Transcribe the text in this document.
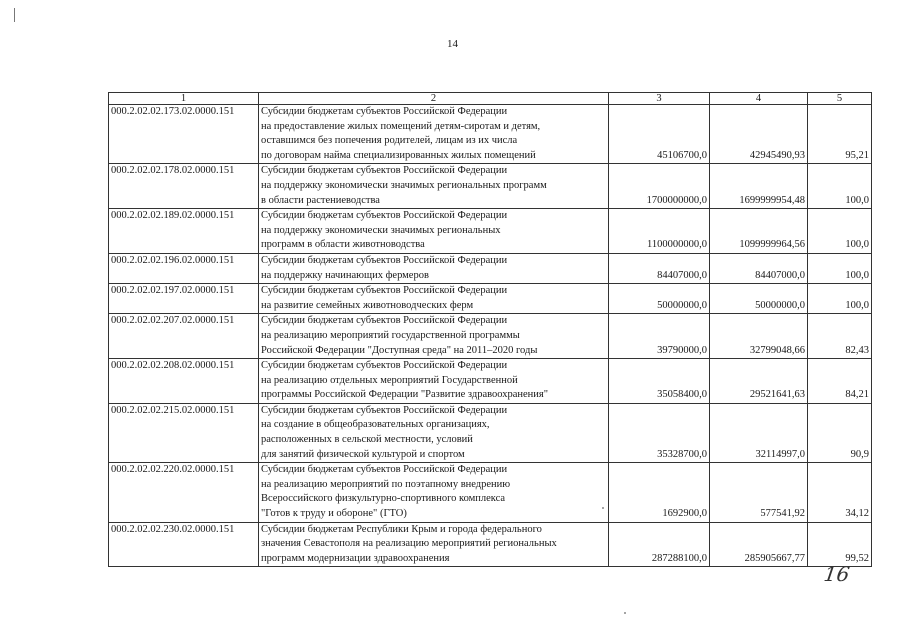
14
1	2	3	4	5
000.2.02.02.173.02.0000.151	Субсидии бюджетам субъектов Российской Федерации
на предоставление жилых помещений детям-сиротам и детям,
оставшимся без попечения родителей, лицам из их числа
по договорам найма специализированных жилых помещений	45106700,0	42945490,93	95,21
000.2.02.02.178.02.0000.151	Субсидии бюджетам субъектов Российской Федерации
на поддержку экономически значимых региональных программ
в области растениеводства	1700000000,0	1699999954,48	100,0
000.2.02.02.189.02.0000.151	Субсидии бюджетам субъектов Российской Федерации
на поддержку экономически значимых региональных
программ в области животноводства	1100000000,0	1099999964,56	100,0
000.2.02.02.196.02.0000.151	Субсидии бюджетам субъектов Российской Федерации
на поддержку начинающих фермеров	84407000,0	84407000,0	100,0
000.2.02.02.197.02.0000.151	Субсидии бюджетам субъектов Российской Федерации
на развитие семейных животноводческих ферм	50000000,0	50000000,0	100,0
000.2.02.02.207.02.0000.151	Субсидии бюджетам субъектов Российской Федерации
на реализацию мероприятий государственной программы
Российской Федерации "Доступная среда" на 2011–2020 годы	39790000,0	32799048,66	82,43
000.2.02.02.208.02.0000.151	Субсидии бюджетам субъектов Российской Федерации
на реализацию отдельных мероприятий Государственной
программы Российской Федерации "Развитие здравоохранения"	35058400,0	29521641,63	84,21
000.2.02.02.215.02.0000.151	Субсидии бюджетам субъектов Российской Федерации
на создание в общеобразовательных организациях,
расположенных в сельской местности, условий
для занятий физической культурой и спортом	35328700,0	32114997,0	90,9
000.2.02.02.220.02.0000.151	Субсидии бюджетам субъектов Российской Федерации
на реализацию мероприятий по поэтапному внедрению
Всероссийского физкультурно-спортивного комплекса
"Готов к труду и обороне" (ГТО)	1692900,0	577541,92	34,12
000.2.02.02.230.02.0000.151	Субсидии бюджетам Республики Крым и города федерального
значения Севастополя на реализацию мероприятий региональных
программ модернизации здравоохранения	287288100,0	285905667,77	99,52
16
